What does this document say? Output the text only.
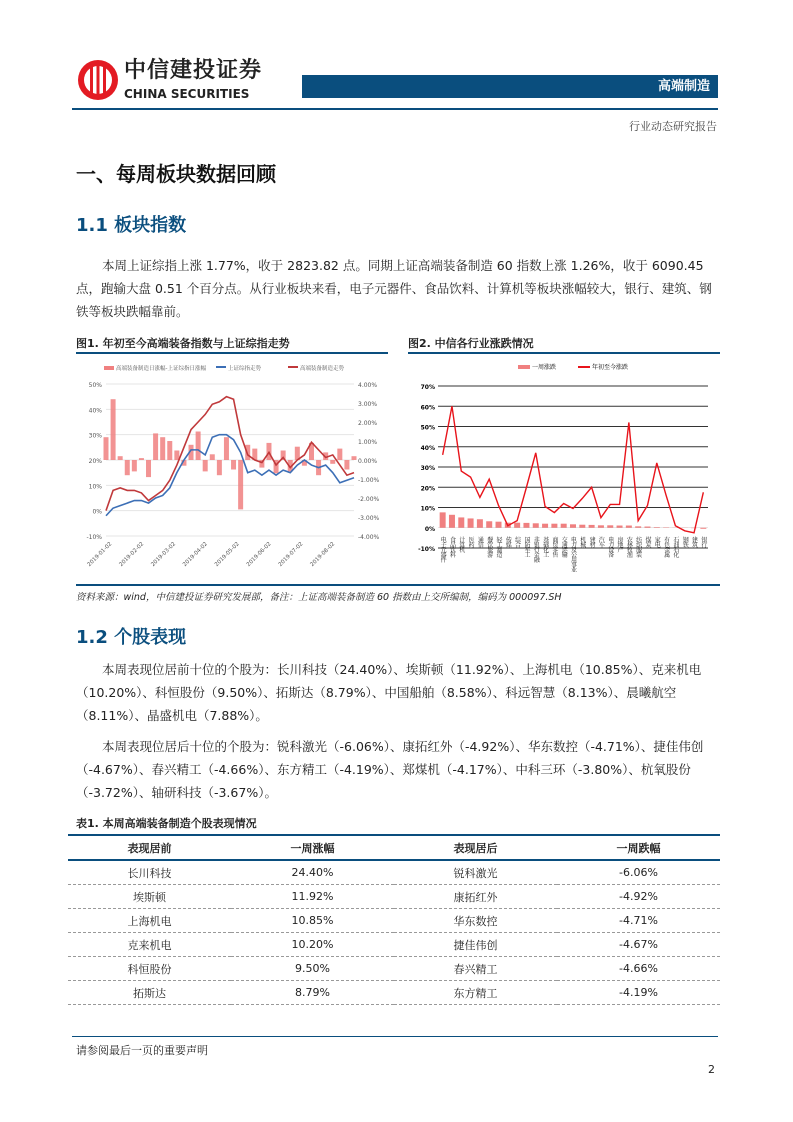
中信建投证券
CHINA SECURITIES	高端制造
行业动态研究报告
一、每周板块数据回顾
1.1 板块指数
本周上证综指上涨 1.77%，收于 2823.82 点。同期上证高端装备制造 60 指数上涨 1.26%，收于 6090.45 点，跑输大盘 0.51 个百分点。从行业板块来看，电子元器件、食品饮料、计算机等板块涨幅较大，银行、建筑、钢铁等板块跌幅靠前。
图1. 年初至今高端装备指数与上证综指走势	图2. 中信各行业涨跌情况
-10%
0%
10%
20%
30%
40%
50%
-4.00%
-3.00%
-2.00%
-1.00%
0.00%
1.00%
2.00%
3.00%
4.00%
2019-01-02 2019-02-02 2019-03-02 2019-04-02 2019-05-02 2019-06-02 2019-07-02 2019-08-02
高端装备制造日涨幅-上证综指日涨幅	上证综指走势	高端装备制造走势
-10%
0%
10%
20%
30%
40%
50%
60%
70%
电子元器件 食品饮料 计算机 医药 通信 餐饮旅游 轻工制造 传媒 综合 国防军工 非银行金融 基础化工 商贸零售 交通运输 电力及公用事业 机械 建材 汽车 电力设备 房地产 农林牧渔 纺织服装 煤炭 家电 有色金属 石油石化 钢铁 建筑 银行
一周涨跌	年初至今涨跌
资料来源：wind，中信建投证券研究发展部，备注：上证高端装备制造 60 指数由上交所编制，编码为 000097.SH
1.2 个股表现
本周表现位居前十位的个股为：长川科技（24.40%）、埃斯顿（11.92%）、上海机电（10.85%）、克来机电（10.20%）、科恒股份（9.50%）、拓斯达（8.79%）、中国船舶（8.58%）、科远智慧（8.13%）、晨曦航空（8.11%）、晶盛机电（7.88%）。
本周表现位居后十位的个股为：锐科激光（-6.06%）、康拓红外（-4.92%）、华东数控（-4.71%）、捷佳伟创（-4.67%）、春兴精工（-4.66%）、东方精工（-4.19%）、郑煤机（-4.17%）、中科三环（-3.80%）、杭氧股份（-3.72%）、轴研科技（-3.67%）。
表1. 本周高端装备制造个股表现情况
表现居前	一周涨幅	表现居后	一周跌幅
长川科技	24.40%	锐科激光	-6.06%
埃斯顿	11.92%	康拓红外	-4.92%
上海机电	10.85%	华东数控	-4.71%
克来机电	10.20%	捷佳伟创	-4.67%
科恒股份	9.50%	春兴精工	-4.66%
拓斯达	8.79%	东方精工	-4.19%
请参阅最后一页的重要声明
2
